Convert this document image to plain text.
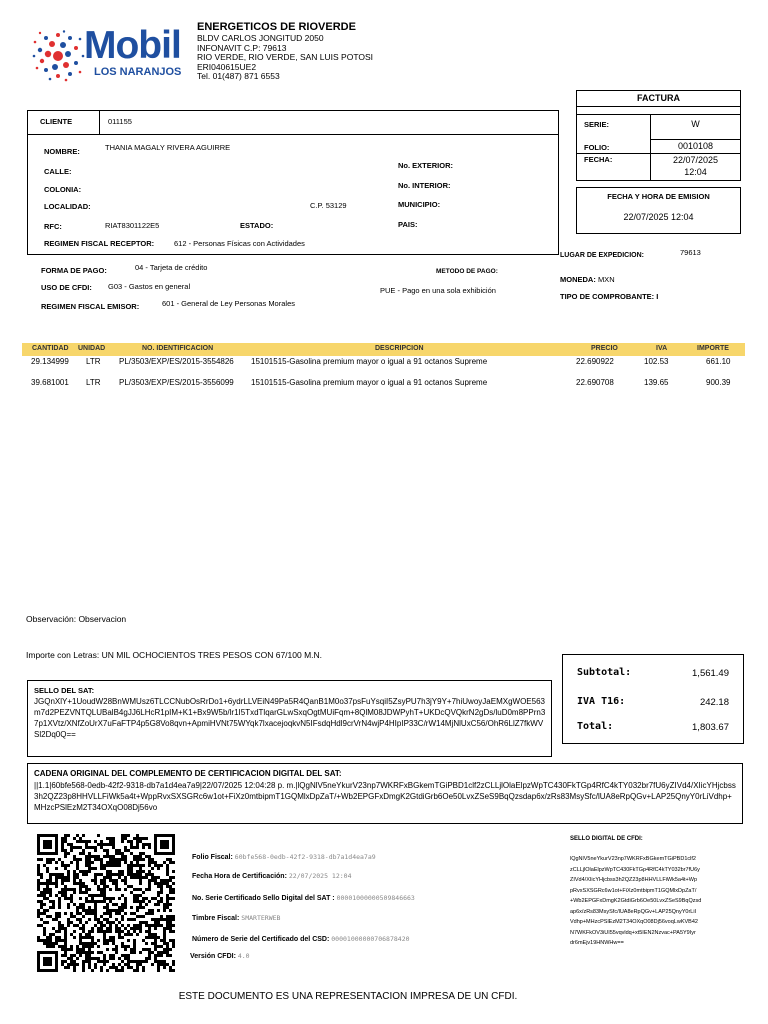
Mobil
LOS NARANJOS
ENERGETICOS DE RIOVERDE
BLDV CARLOS JONGITUD 2050
INFONAVIT C.P: 79613
RIO VERDE, RIO VERDE, SAN LUIS POTOSI
ERI040615UE2
Tel. 01(487) 871 6553
FACTURA
SERIE:	W
FOLIO:	0010108
FECHA:	22/07/2025
12:04
FECHA Y HORA DE EMISION
22/07/2025 12:04
CLIENTE	011155
NOMBRE:	THANIA MAGALY RIVERA AGUIRRE
CALLE:
COLONIA:
LOCALIDAD:	C.P. 53129
RFC:	RIAT8301122E5	ESTADO:
No. EXTERIOR:
No. INTERIOR:
MUNICIPIO:
PAIS:
REGIMEN FISCAL RECEPTOR:	612 - Personas Físicas con Actividades
LUGAR DE EXPEDICION:	79613
FORMA DE PAGO:	04 - Tarjeta de crédito	METODO DE PAGO:
PUE - Pago en una sola exhibición
USO DE CFDI: G03 - Gastos en general
REGIMEN FISCAL EMISOR:	601 - General de Ley Personas Morales
MONEDA: MXN
TIPO DE COMPROBANTE: I
CANTIDAD UNIDAD	NO. IDENTIFICACION	DESCRIPCION	PRECIO	IVA	IMPORTE
29.134999 LTR PL/3503/EXP/ES/2015-3554826 15101515-Gasolina premium mayor o igual a 91 octanos Supreme	22.690922	102.53	661.10
39.681001 LTR PL/3503/EXP/ES/2015-3556099 15101515-Gasolina premium mayor o igual a 91 octanos Supreme	22.690708	139.65	900.39
Observación: Observacion
Importe con Letras: UN MIL OCHOCIENTOS TRES PESOS CON 67/100 M.N.
Subtotal:	1,561.49
IVA T16:	242.18
Total:	1,803.67
SELLO DEL SAT:
JGQnXlY+1UoudW28BnWMUsz6TLCCNubOsRrDo1+6ydrLLVEiN49Pa5R4QanB1M0o37psFuYsqiI5ZsyPU7h3jY9Y+7hiUwoyJaEMXgWOE563m7d2PEZVNTQLUBalB4gJJ6LHcR1pIM+K1+Bx9W5b/lr1I5TxdTlqarGLwSxqOgtMUiFqm+8QlM08JDWPyhT+UKDcQVQkrN2gDs/luD0m8PPrn37p1XVtz/XNfZoUrX7uFaFTP4p5G8Vo8qvn+ApmiHVNt75WYqk7lxacejoqkvN5IFsdqHdl9crVrN4wjP4HIpIP33C/rW14MjNlUxC56/OhR6LlZ7fkWVSl2Dq0Q==
CADENA ORIGINAL DEL COMPLEMENTO DE CERTIFICACION DIGITAL DEL SAT:
||1.1|60bfe568-0edb-42f2-9318-db7a1d4ea7a9|22/07/2025 12:04:28 p. m.|lQgNlV5neYkurV23np7WKRFxBGkemTGiPBD1clf2zCLLjlOlaElpzWpTC430FkTGp4RfC4kTY032br7fU6yZIVd4/XIicYHjcbss3h2QZ23p8HHVLLFiWk5a4t+WppRvxSXSGRc6w1ot+FiXz0mtbipmT1GQMlxDpZaT/+Wb2EPGFxDmgK2GtdiGrb6Oe50LvxZSeS9BqQzsdap6x/zRs83MsySfc/lUA8eRpQGv+LAP25QnyY0rLiVdhp+MHzcPSlEzM2T34OXqO08Dj56vo
Folio Fiscal: 60bfe568-0edb-42f2-9318-db7a1d4ea7a9
Fecha Hora de Certificación: 22/07/2025 12:04
No. Serie Certificado Sello Digital del SAT : 00001000000509846663
Timbre Fiscal: SMARTERWEB
Número de Serie del Certificado del CSD: 00001000000706878420
Versión CFDI: 4.0
SELLO DIGITAL DE CFDI:
lQgNlV5neYkurV23np7WKRFxBGkemTGiPBD1clf2
zCLLjlOlaElpzWpTC430FkTGp4RfC4kTY032br7fU6y
ZIVd4/XIicYHjcbss3h2QZ23p8HHVLLFiWk5a4t+Wp
pRvxSXSGRc6w1ot+FiXz0mtbipmT1GQMlxDpZaT/
+Wb2EPGFxDmgK2GtdiGrb6Oe50LvxZSeS9BqQzsd
ap6x/zRs83MsySfc/lUA8eRpQGv+LAP25QnyY0rLiI
Vdhp+MHzcPSlEzM2T34OXqO08Dj56voqLwKVB42
N7WKFkOV3iUI55vqvldq+xt5IEN2Nzvac+PA5Y9Iyr
dr6mEjv19HNWHw==
ESTE DOCUMENTO ES UNA REPRESENTACION IMPRESA DE UN CFDI.
